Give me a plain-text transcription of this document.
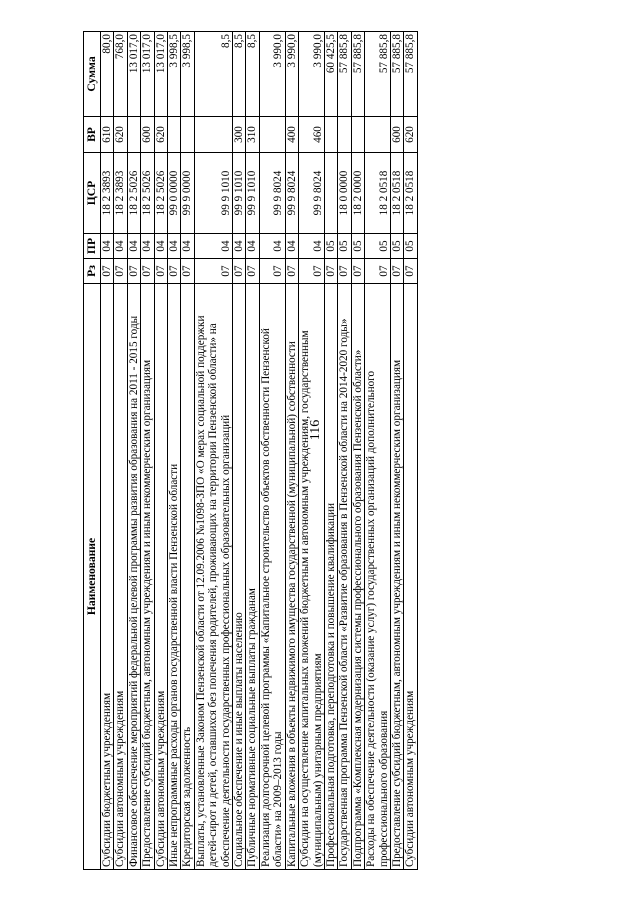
116
Наименование	Рз	ПР	ЦСР	ВР	Сумма
Субсидии бюджетным учреждениям	07	04	18 2 3893	610	80,0
Субсидии автономным учреждениям	07	04	18 2 3893	620	768,0
Финансовое обеспечение мероприятий федеральной целевой программы развития образования на 2011 - 2015 годы	07	04	18 2 5026		13 017,0
Предоставление субсидий бюджетным, автономным учреждениям и иным некоммерческим организациям	07	04	18 2 5026	600	13 017,0
Субсидии автономным учреждениям	07	04	18 2 5026	620	13 017,0
Иные непрограммные расходы органов государственной власти Пензенской области	07	04	99 0 0000		3 998,5
Кредиторская задолженность	07	04	99 9 0000		3 998,5
Выплаты, установленные Законом Пензенской области от 12.09.2006 №1098-ЗПО «О мерах социальной поддержки детей-сирот и детей, оставшихся без попечения родителей, проживающих на территории Пензенской области» на обеспечение деятельности государственных профессиональных образовательных организаций	07	04	99 9 1010		8,5
Социальное обеспечение и иные выплаты населению	07	04	99 9 1010	300	8,5
Публичные нормативные социальные выплаты гражданам	07	04	99 9 1010	310	8,5
Реализация долгосрочной целевой программы «Капитальное строительство объектов собственности Пензенской области» на 2009–2013 годы	07	04	99 9 8024		3 990,0
Капитальные вложения в объекты недвижимого имущества государственной (муниципальной) собственности	07	04	99 9 8024	400	3 990,0
Субсидии на осуществление капитальных вложений бюджетным и автономным учреждениям, государственным (муниципальным) унитарным предприятиям	07	04	99 9 8024	460	3 990,0
Профессиональная подготовка, переподготовка и повышение квалификации	07	05			60 425,5
Государственная программа Пензенской области «Развитие образования в Пензенской области на 2014-2020 годы»	07	05	18 0 0000		57 885,8
Подпрограмма «Комплексная модернизация системы профессионального образования Пензенской области»	07	05	18 2 0000		57 885,8
Расходы на обеспечение деятельности (оказание услуг) государственных организаций дополнительного профессионального образования	07	05	18 2 0518		57 885,8
Предоставление субсидий бюджетным, автономным учреждениям и иным некоммерческим организациям	07	05	18 2 0518	600	57 885,8
Субсидии автономным учреждениям	07	05	18 2 0518	620	57 885,8
